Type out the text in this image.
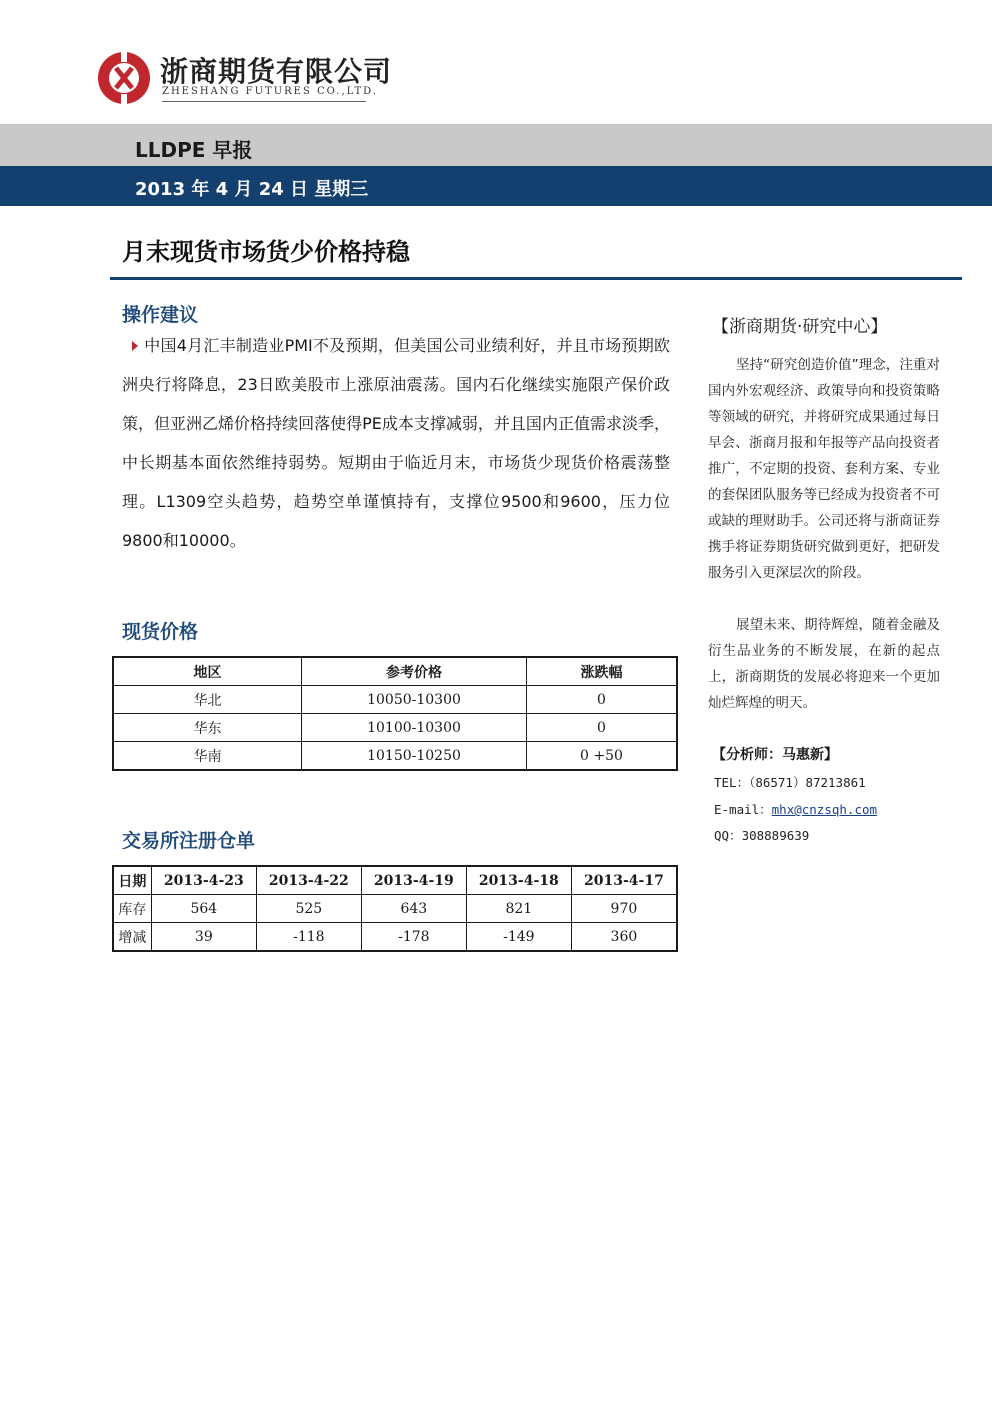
浙商期货有限公司
ZHESHANG FUTURES CO.,LTD.
LLDPE 早报
2013 年 4 月 24 日 星期三
月末现货市场货少价格持稳
操作建议
中国4月汇丰制造业PMI不及预期，但美国公司业绩利好，并且市场预期欧洲央行将降息，23日欧美股市上涨原油震荡。国内石化继续实施限产保价政策，但亚洲乙烯价格持续回落使得PE成本支撑减弱，并且国内正值需求淡季，中长期基本面依然维持弱势。短期由于临近月末，市场货少现货价格震荡整理。L1309空头趋势，趋势空单谨慎持有，支撑位9500和9600，压力位9800和10000。
现货价格
地区	参考价格	涨跌幅
华北	10050-10300	0
华东	10100-10300	0
华南	10150-10250	0 +50
交易所注册仓单
日期	2013-4-23	2013-4-22	2013-4-19	2013-4-18	2013-4-17
库存	564	525	643	821	970
增减	39	-118	-178	-149	360
【浙商期货·研究中心】
坚持“研究创造价值”理念，注重对国内外宏观经济、政策导向和投资策略等领域的研究，并将研究成果通过每日早会、浙商月报和年报等产品向投资者推广，不定期的投资、套利方案、专业的套保团队服务等已经成为投资者不可或缺的理财助手。公司还将与浙商证券携手将证券期货研究做到更好，把研发服务引入更深层次的阶段。
展望未来、期待辉煌，随着金融及衍生品业务的不断发展，在新的起点上，浙商期货的发展必将迎来一个更加灿烂辉煌的明天。
【分析师：马惠新】
TEL：（86571）87213861
E-mail：mhx@cnzsqh.com
QQ：308889639
